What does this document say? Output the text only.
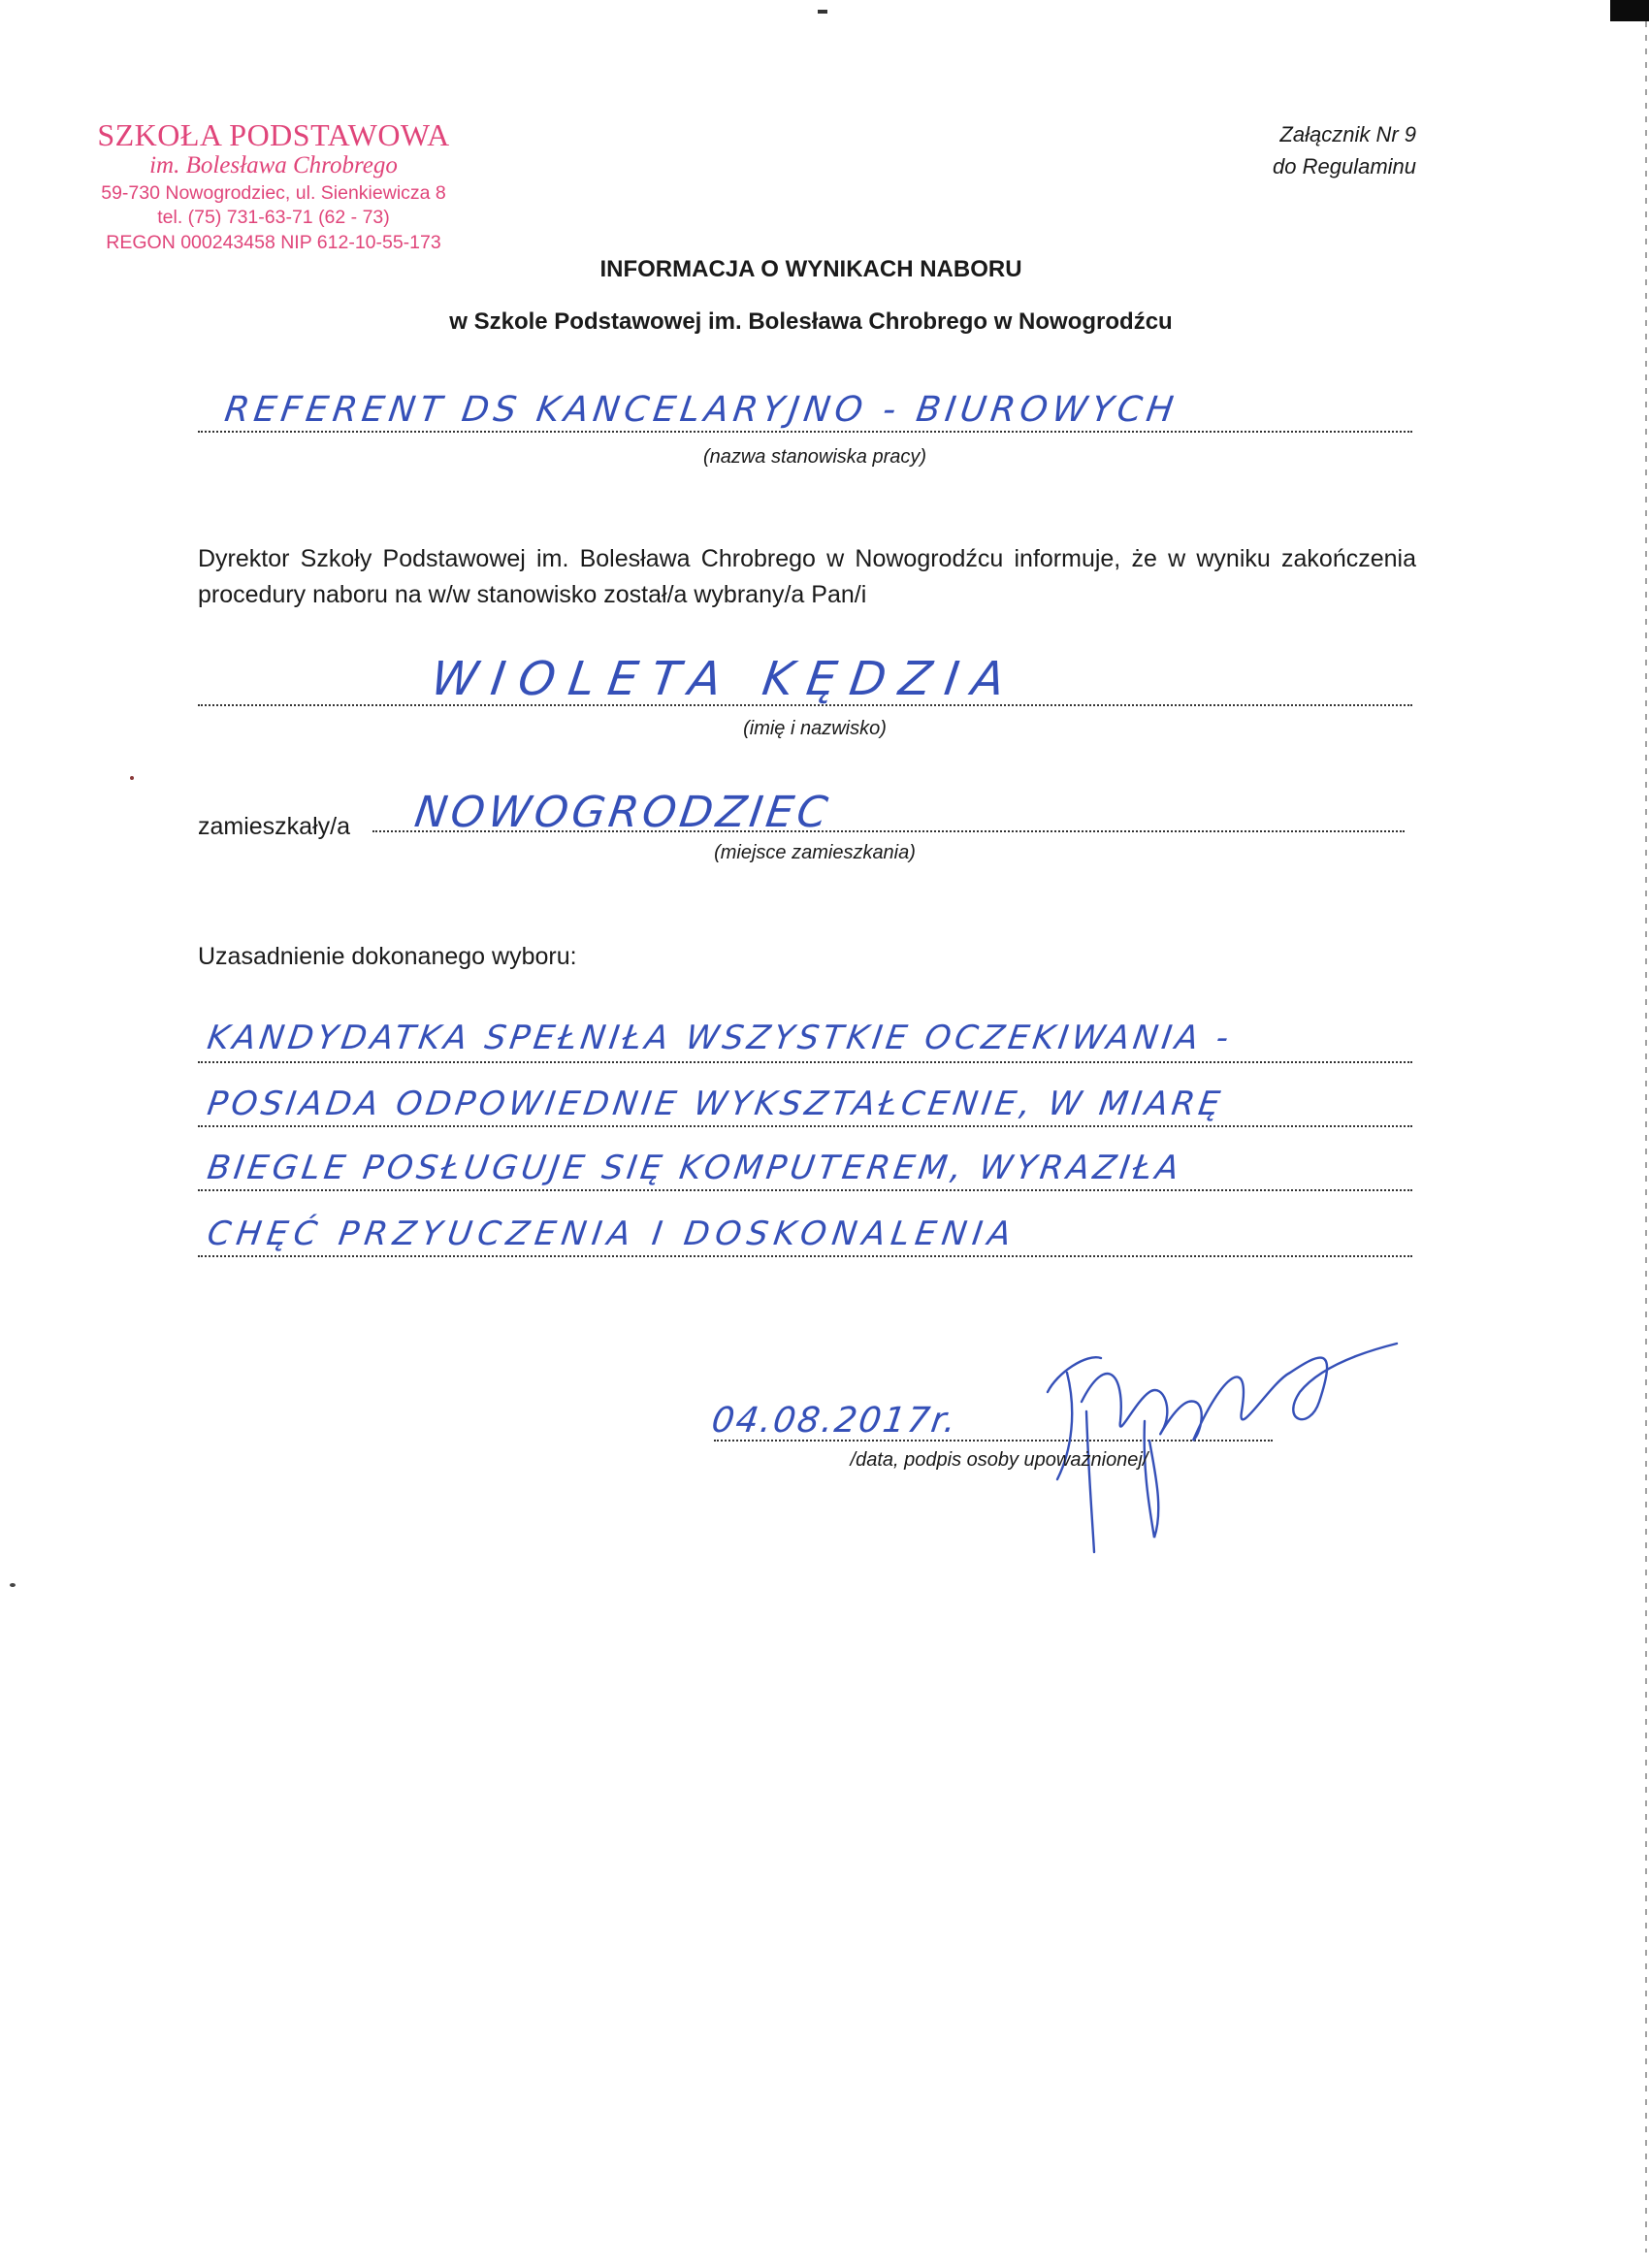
SZKOŁA PODSTAWOWA
im. Bolesława Chrobrego
59-730 Nowogrodziec, ul. Sienkiewicza 8
tel. (75) 731-63-71 (62 - 73)
REGON 000243458 NIP 612-10-55-173
Załącznik Nr 9
do Regulaminu
INFORMACJA O WYNIKACH NABORU
w Szkole Podstawowej im. Bolesława Chrobrego w Nowogrodźcu
REFERENT DS KANCELARYJNO - BIUROWYCH
(nazwa stanowiska pracy)
Dyrektor Szkoły Podstawowej im. Bolesława Chrobrego w Nowogrodźcu informuje, że w wyniku zakończenia procedury naboru na w/w stanowisko został/a wybrany/a Pan/i
WIOLETA KĘDZIA
(imię i nazwisko)
zamieszkały/a NOWOGRODZIEC
(miejsce zamieszkania)
Uzasadnienie dokonanego wyboru:
KANDYDATKA SPEŁNIŁA WSZYSTKIE OCZEKIWANIA -
POSIADA ODPOWIEDNIE WYKSZTAŁCENIE, W MIARĘ
BIEGLE POSŁUGUJE SIĘ KOMPUTEREM, WYRAZIŁA
CHĘĆ PRZYUCZENIA I DOSKONALENIA
04.08.2017r.
/data, podpis osoby upoważnionej/
